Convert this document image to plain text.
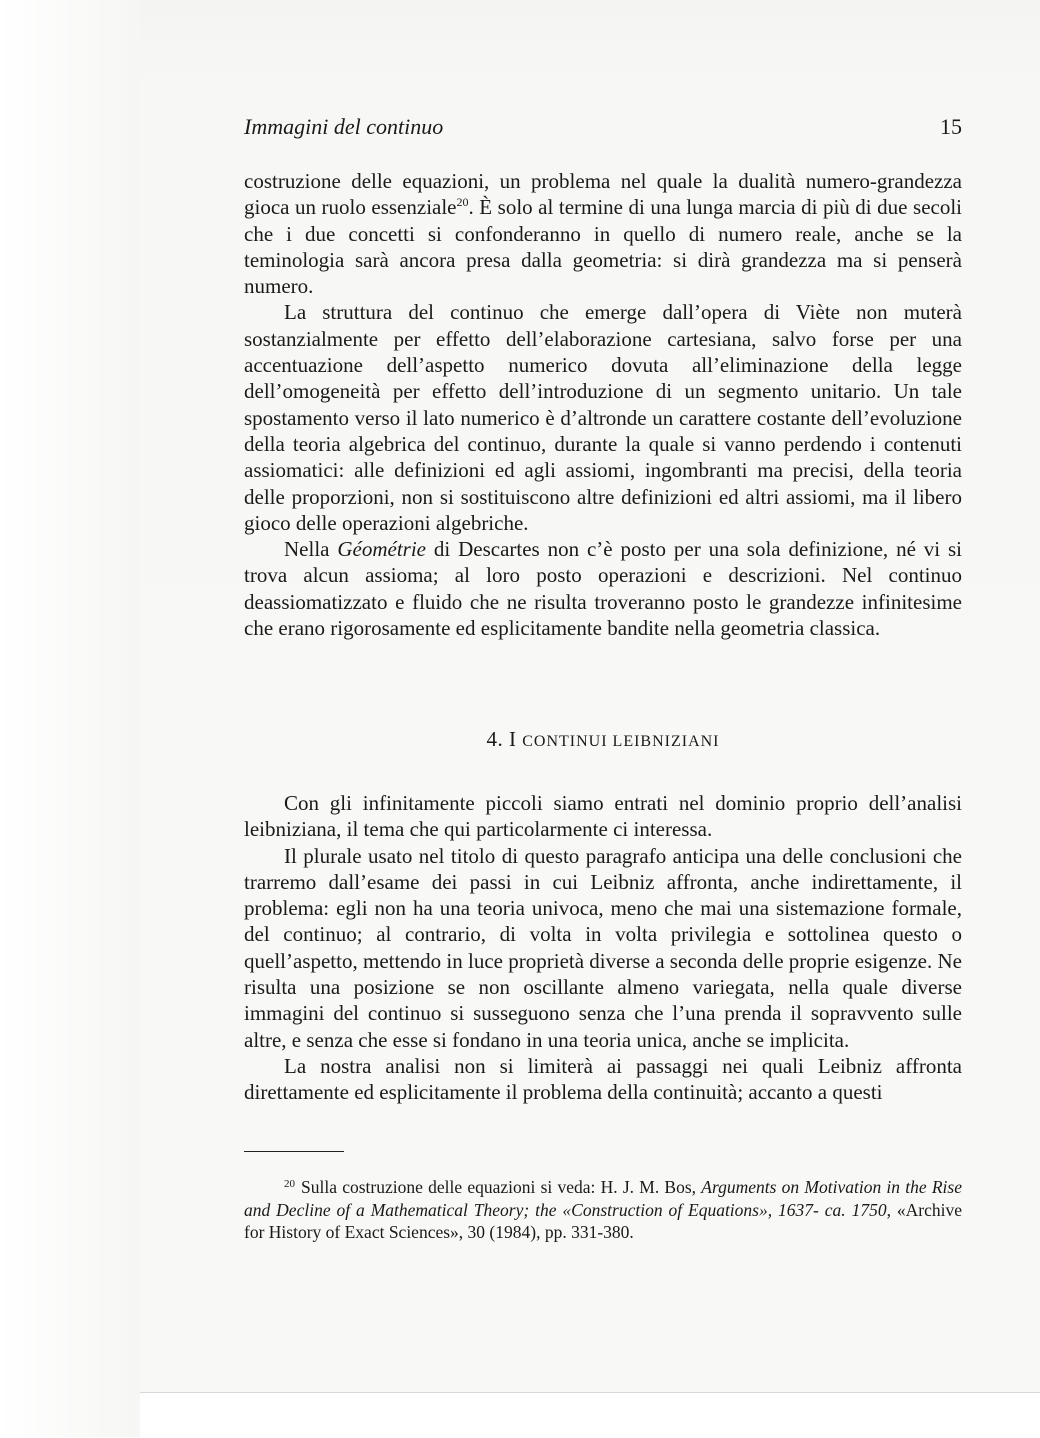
Immagini del continuo	15

costruzione delle equazioni, un problema nel quale la dualità numero-grandezza gioca un ruolo essenziale$^{20}$. È solo al termine di una lunga marcia di più di due secoli che i due concetti si confonderanno in quello di numero reale, anche se la teminologia sarà ancora presa dalla geometria: si dirà grandezza ma si penserà numero.

La struttura del continuo che emerge dall’opera di Viète non muterà sostanzialmente per effetto dell’elaborazione cartesiana, salvo forse per una accentuazione dell’aspetto numerico dovuta all’eliminazione della legge dell’omogeneità per effetto dell’introduzione di un segmento unitario. Un tale spostamento verso il lato numerico è d’altronde un carattere costante dell’evoluzione della teoria algebrica del continuo, durante la quale si vanno perdendo i contenuti assiomatici: alle definizioni ed agli assiomi, ingombranti ma precisi, della teoria delle proporzioni, non si sostituiscono altre definizioni ed altri assiomi, ma il libero gioco delle operazioni algebriche.

Nella Géométrie di Descartes non c’è posto per una sola definizione, né vi si trova alcun assioma; al loro posto operazioni e descrizioni. Nel continuo deassiomatizzato e fluido che ne risulta troveranno posto le grandezze infinitesime che erano rigorosamente ed esplicitamente bandite nella geometria classica.

4. I CONTINUI LEIBNIZIANI

Con gli infinitamente piccoli siamo entrati nel dominio proprio dell’analisi leibniziana, il tema che qui particolarmente ci interessa.

Il plurale usato nel titolo di questo paragrafo anticipa una delle conclusioni che trarremo dall’esame dei passi in cui Leibniz affronta, anche indirettamente, il problema: egli non ha una teoria univoca, meno che mai una sistemazione formale, del continuo; al contrario, di volta in volta privilegia e sottolinea questo o quell’aspetto, mettendo in luce proprietà diverse a seconda delle proprie esigenze. Ne risulta una posizione se non oscillante almeno variegata, nella quale diverse immagini del continuo si susseguono senza che l’una prenda il sopravvento sulle altre, e senza che esse si fondano in una teoria unica, anche se implicita.

La nostra analisi non si limiterà ai passaggi nei quali Leibniz affronta direttamente ed esplicitamente il problema della continuità; accanto a questi

$^{20}$ Sulla costruzione delle equazioni si veda: H. J. M. Bos, Arguments on Motivation in the Rise and Decline of a Mathematical Theory; the «Construction of Equations», 1637- ca. 1750, «Archive for History of Exact Sciences», 30 (1984), pp. 331-380.
